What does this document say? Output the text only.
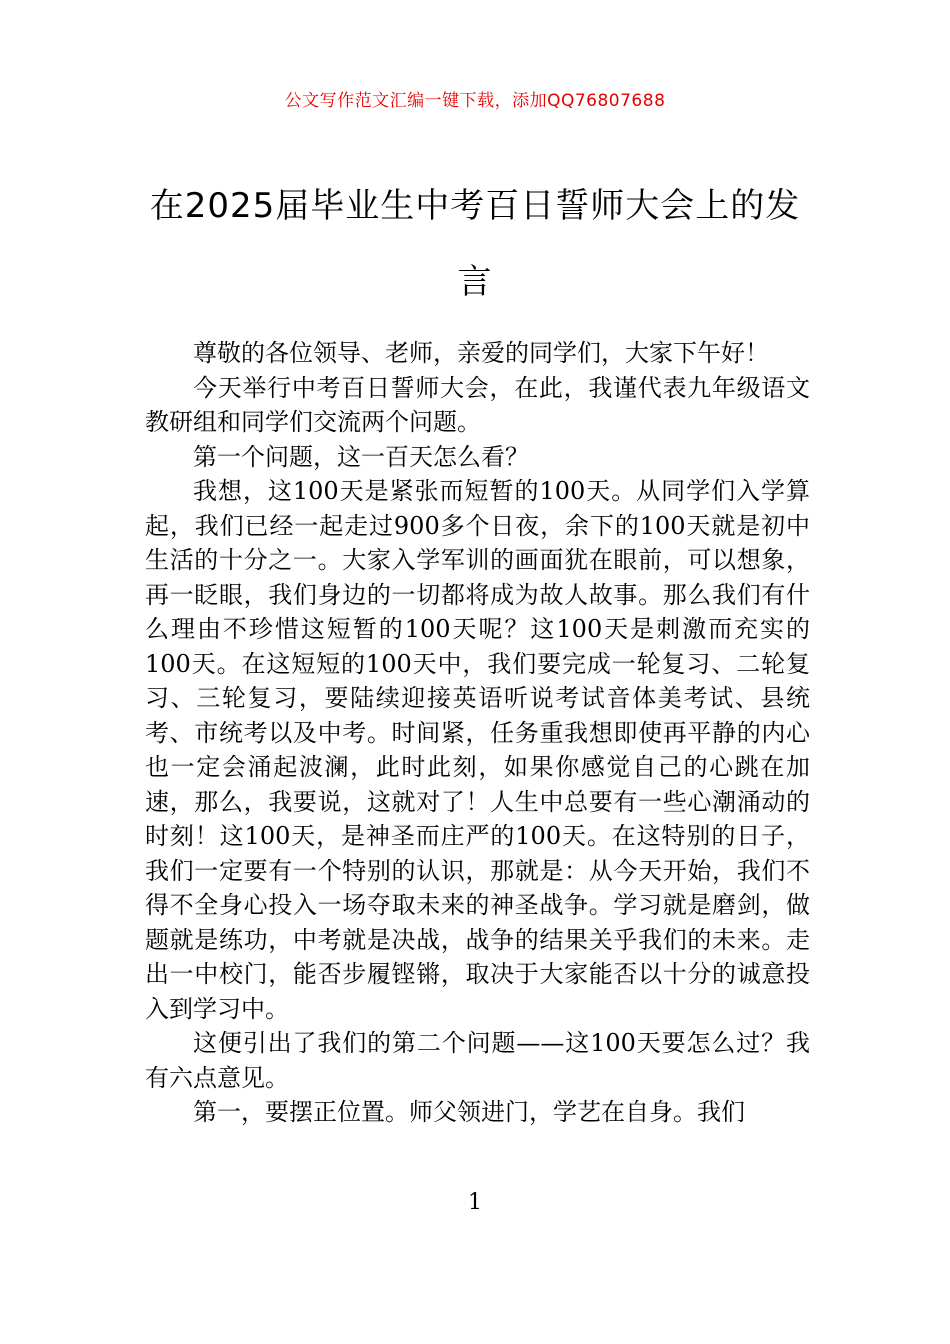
公文写作范文汇编一键下载，添加QQ76807688
在2025届毕业生中考百日誓师大会上的发言

尊敬的各位领导、老师，亲爱的同学们，大家下午好！

今天举行中考百日誓师大会，在此，我谨代表九年级语文教研组和同学们交流两个问题。

第一个问题，这一百天怎么看？

我想，这100天是紧张而短暂的100天。从同学们入学算起，我们已经一起走过900多个日夜，余下的100天就是初中生活的十分之一。大家入学军训的画面犹在眼前，可以想象，再一眨眼，我们身边的一切都将成为故人故事。那么我们有什么理由不珍惜这短暂的100天呢？这100天是刺激而充实的100天。在这短短的100天中，我们要完成一轮复习、二轮复习、三轮复习，要陆续迎接英语听说考试音体美考试、县统考、市统考以及中考。时间紧，任务重我想即使再平静的内心也一定会涌起波澜，此时此刻，如果你感觉自己的心跳在加速，那么，我要说，这就对了！人生中总要有一些心潮涌动的时刻！这100天，是神圣而庄严的100天。在这特别的日子，我们一定要有一个特别的认识，那就是：从今天开始，我们不得不全身心投入一场夺取未来的神圣战争。学习就是磨剑，做题就是练功，中考就是决战，战争的结果关乎我们的未来。走出一中校门，能否步履铿锵，取决于大家能否以十分的诚意投入到学习中。

这便引出了我们的第二个问题——这100天要怎么过？我有六点意见。

第一，要摆正位置。师父领进门，学艺在自身。我们

1
